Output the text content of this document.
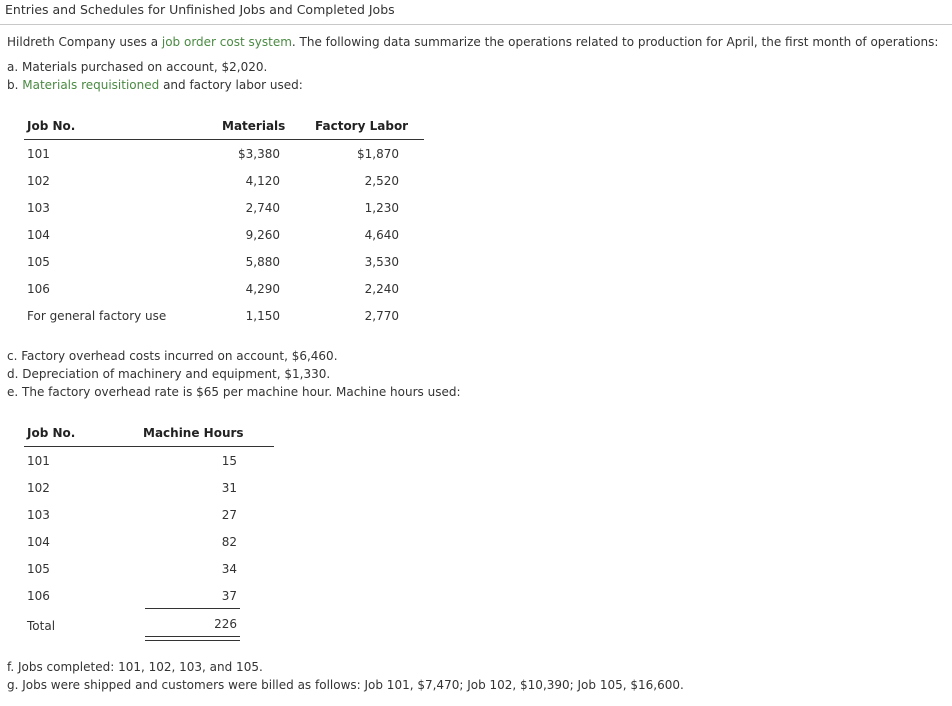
Entries and Schedules for Unfinished Jobs and Completed Jobs
Hildreth Company uses a job order cost system. The following data summarize the operations related to production for April, the first month of operations:
a. Materials purchased on account, $2,020.
b. Materials requisitioned and factory labor used:
Job No.	Materials Factory Labor
101	$3,380	$1,870
102	4,120	2,520
103	2,740	1,230
104	9,260	4,640
105	5,880	3,530
106	4,290	2,240
For general factory use	1,150	2,770
c. Factory overhead costs incurred on account, $6,460.
d. Depreciation of machinery and equipment, $1,330.
e. The factory overhead rate is $65 per machine hour. Machine hours used:
Job No.	Machine Hours
101	15
102	31
103	27
104	82
105	34
106	37
Total	226
f. Jobs completed: 101, 102, 103, and 105.
g. Jobs were shipped and customers were billed as follows: Job 101, $7,470; Job 102, $10,390; Job 105, $16,600.
